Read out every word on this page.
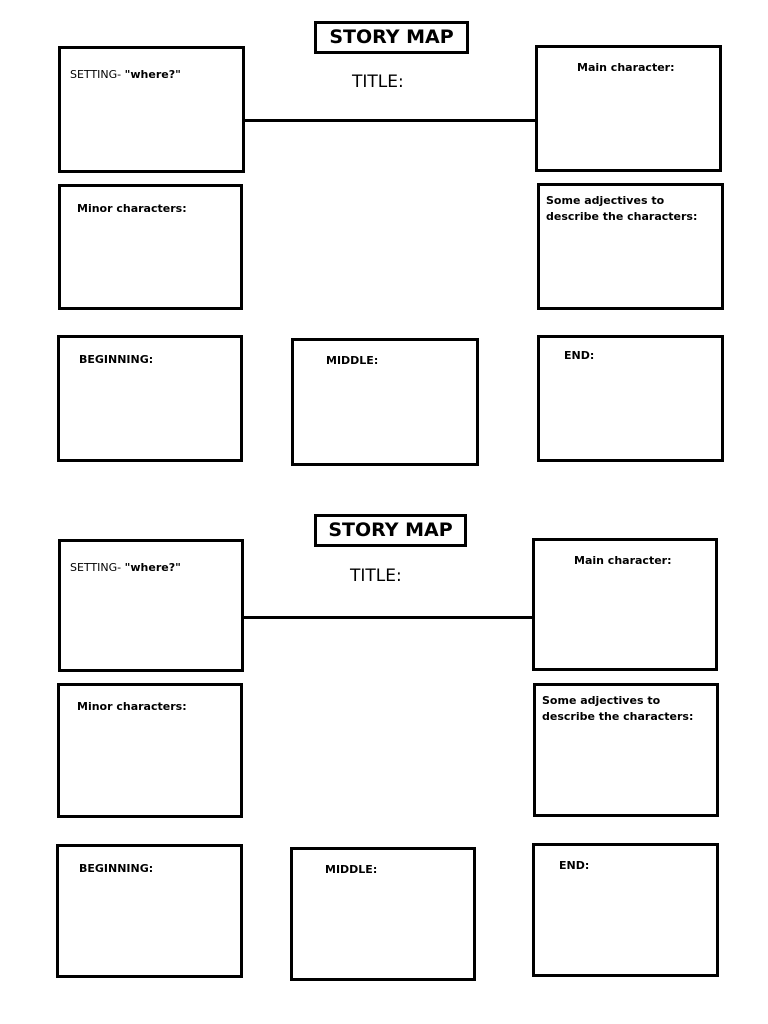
STORY MAP
SETTING- "where?"	TITLE:
Main character:
Minor characters:
Some adjectives to describe the characters:
BEGINNING:	MIDDLE:	END:
STORY MAP
SETTING- "where?"	TITLE:
Main character:
Minor characters:	Some adjectives to describe the characters:
BEGINNING:	MIDDLE:	END:
